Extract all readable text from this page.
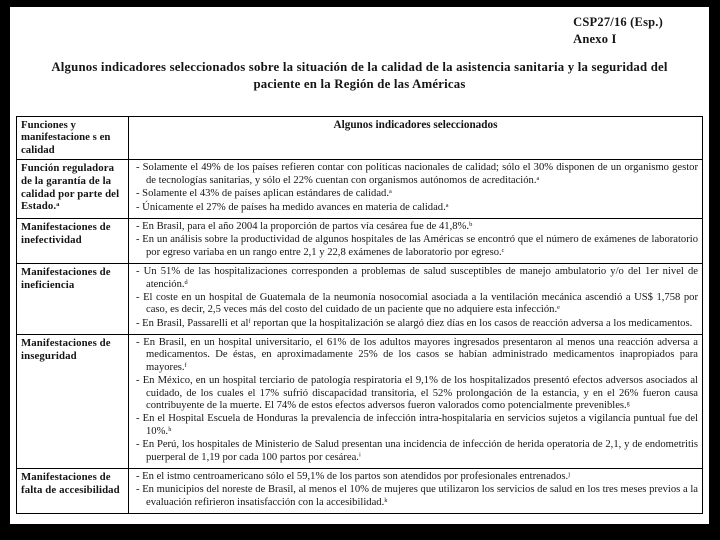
CSP27/16 (Esp.)
Anexo I
Algunos indicadores seleccionados sobre la situación de la calidad de la asistencia sanitaria y la seguridad del paciente en la Región de las Américas
Funciones y manifestacione s en calidad	Algunos indicadores seleccionados
Función reguladora de la garantía de la calidad por parte del Estado.ᵃ	- Solamente el 49% de los países refieren contar con políticas nacionales de calidad; sólo el 30% disponen de un organismo gestor de tecnologías sanitarias, y sólo el 22% cuentan con organismos autónomos de acreditación.ᵃ
- Solamente el 43% de países aplican estándares de calidad.ᵃ
- Únicamente el 27% de países ha medido avances en materia de calidad.ᵃ

Manifestaciones de inefectividad	- En Brasil, para el año 2004 la proporción de partos vía cesárea fue de 41,8%.ᵇ
- En un análisis sobre la productividad de algunos hospitales de las Américas se encontró que el número de exámenes de laboratorio por egreso variaba en un rango entre 2,1 y 22,8 exámenes de laboratorio por egreso.ᶜ

Manifestaciones de ineficiencia	- Un 51% de las hospitalizaciones corresponden a problemas de salud susceptibles de manejo ambulatorio y/o del 1er nivel de atención.ᵈ
- El coste en un hospital de Guatemala de la neumonía nosocomial asociada a la ventilación mecánica ascendió a US$ 1,758 por caso, es decir, 2,5 veces más del costo del cuidado de un paciente que no adquiere esta infección.ᵉ
- En Brasil, Passarelli et alᶠ reportan que la hospitalización se alargó diez días en los casos de reacción adversa a los medicamentos.

Manifestaciones de inseguridad	- En Brasil, en un hospital universitario, el 61% de los adultos mayores ingresados presentaron al menos una reacción adversa a medicamentos. De éstas, en aproximadamente 25% de los casos se habían administrado medicamentos inapropiados para mayores.ᶠ
- En México, en un hospital terciario de patología respiratoria el 9,1% de los hospitalizados presentó efectos adversos asociados al cuidado, de los cuales el 17% sufrió discapacidad transitoria, el 52% prolongación de la estancia, y en el 26% fueron causa contribuyente de la muerte. El 74% de estos efectos adversos fueron valorados como potencialmente prevenibles.ᵍ
- En el Hospital Escuela de Honduras la prevalencia de infección intra-hospitalaria en servicios sujetos a vigilancia puntual fue del 10%.ʰ
- En Perú, los hospitales de Ministerio de Salud presentan una incidencia de infección de herida operatoria de 2,1, y de endometritis puerperal de 1,19 por cada 100 partos por cesárea.ⁱ

Manifestaciones de falta de accesibilidad	- En el istmo centroamericano sólo el 59,1% de los partos son atendidos por profesionales entrenados.ʲ
- En municipios del noreste de Brasil, al menos el 10% de mujeres que utilizaron los servicios de salud en los tres meses previos a la evaluación refirieron insatisfacción con la accesibilidad.ᵏ
